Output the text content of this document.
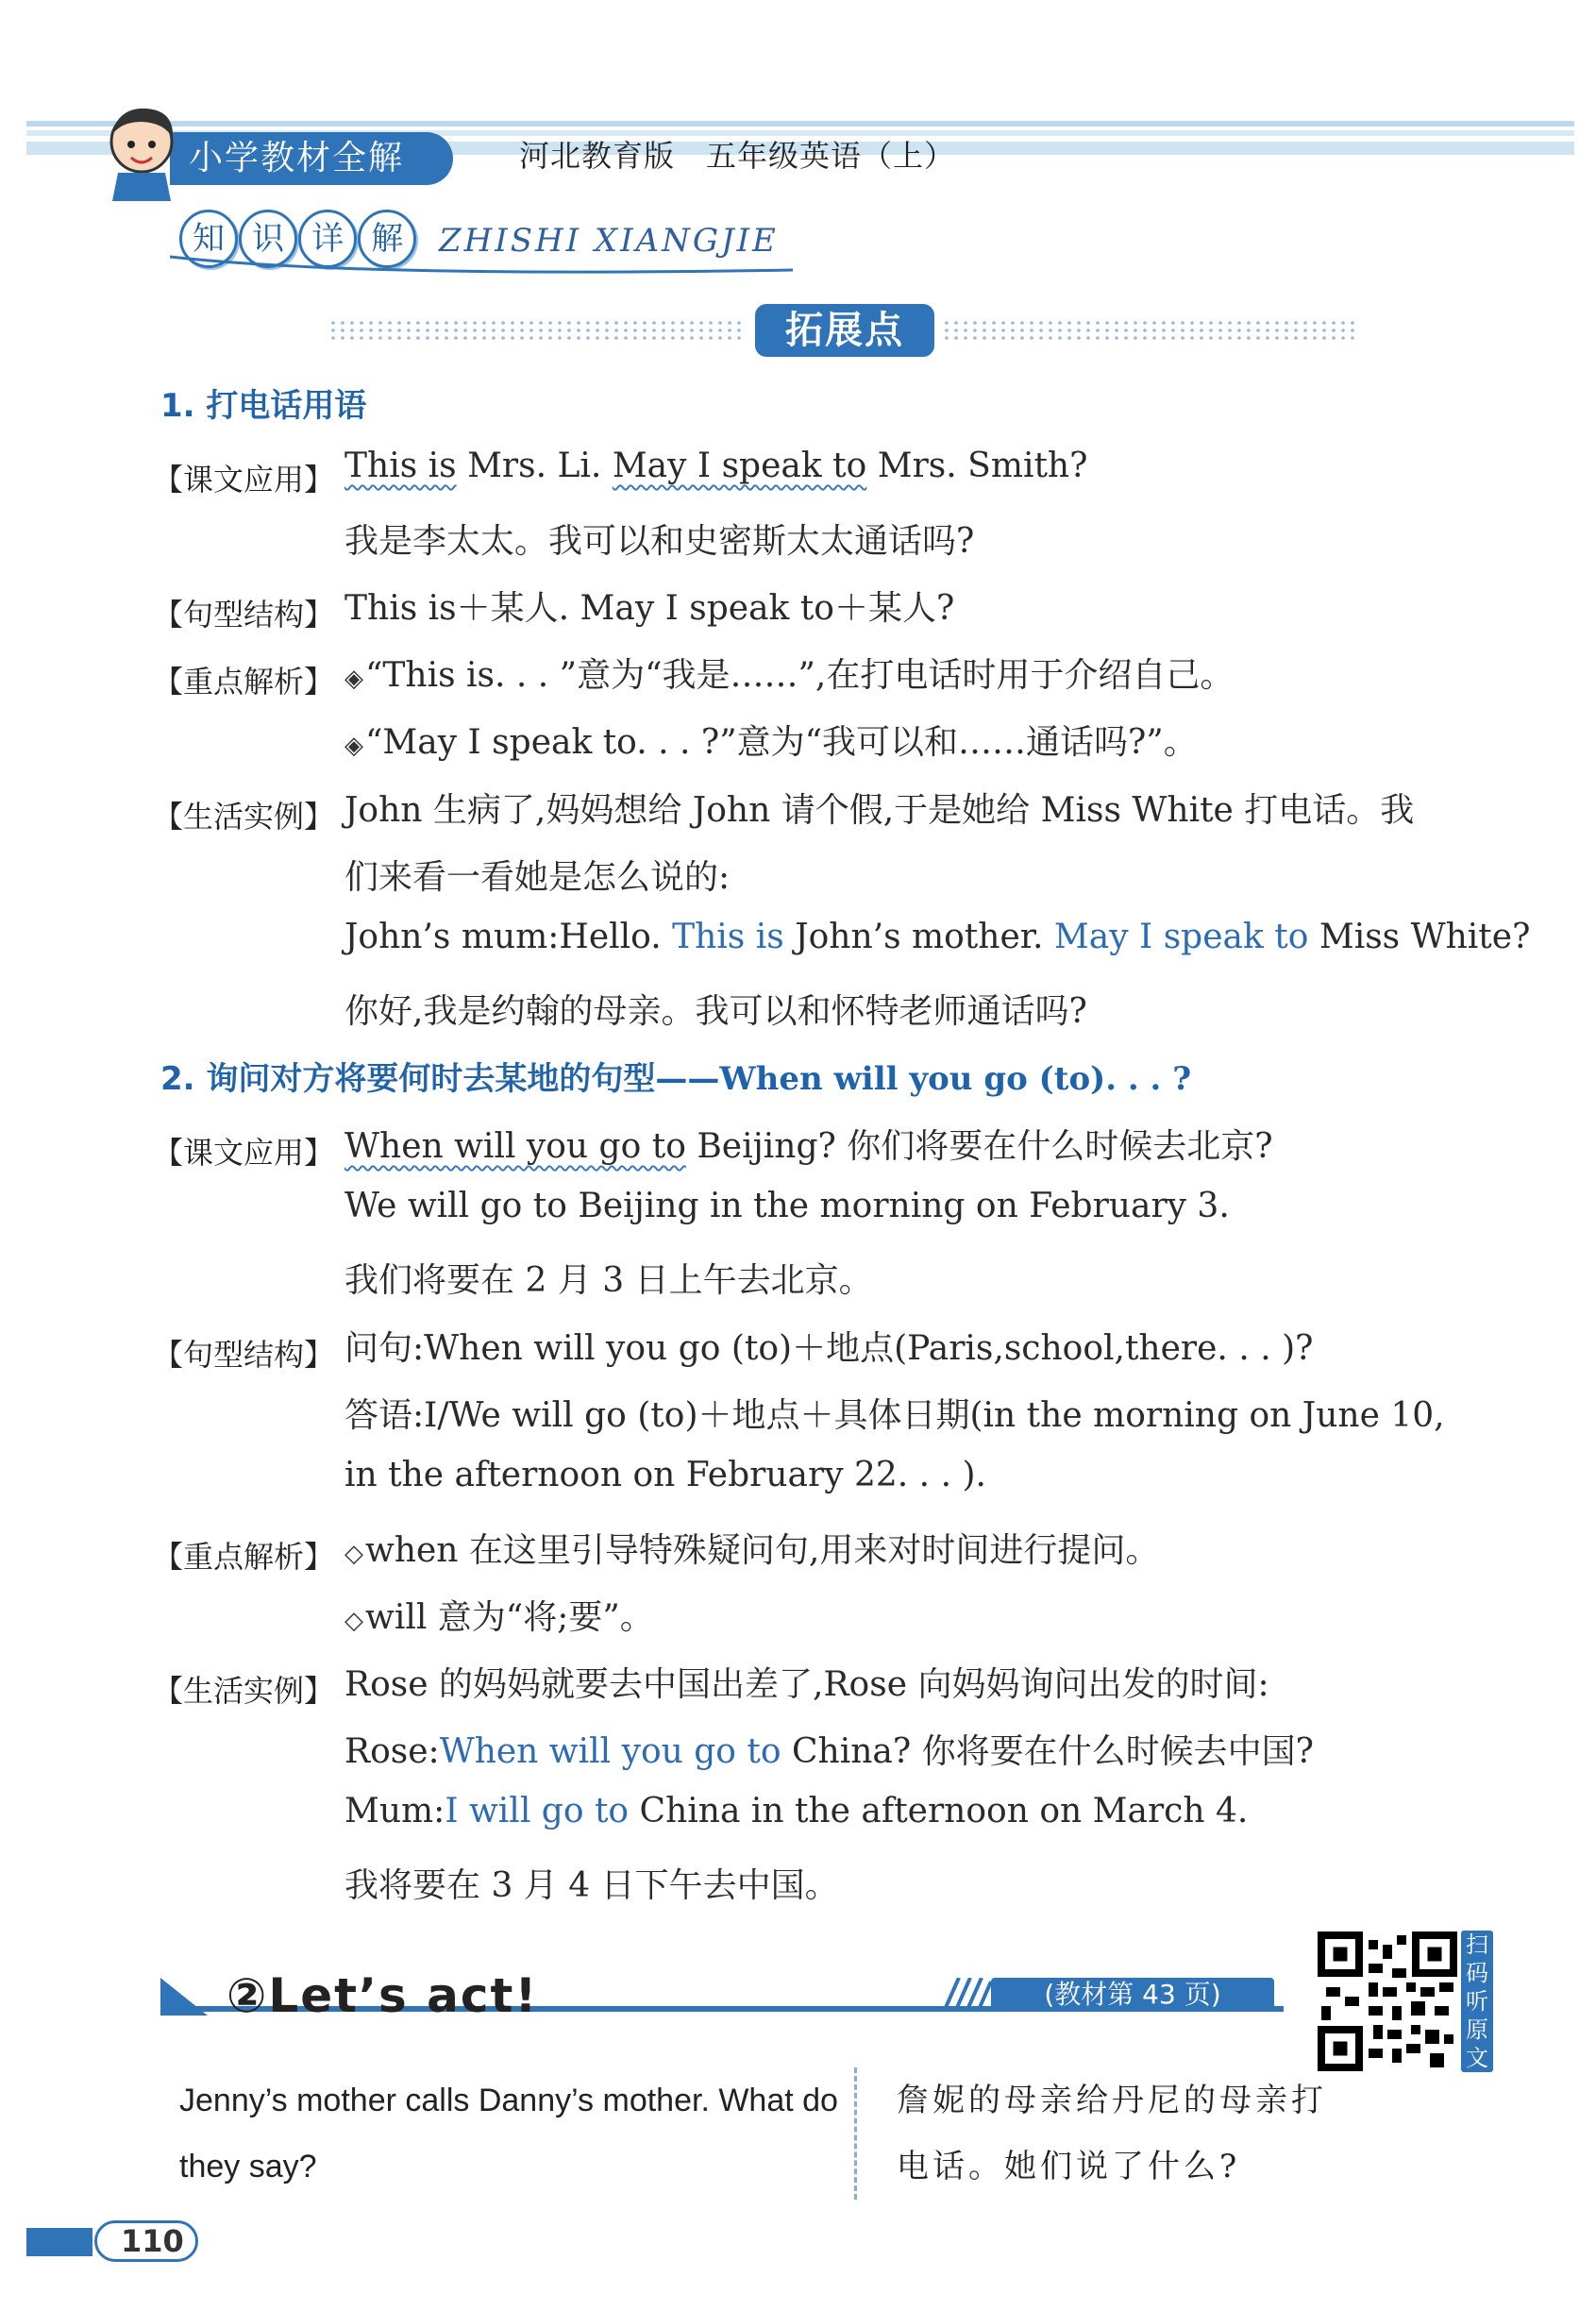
小学教材全解	河北教育版　五年级英语（上）
知 识 详 解 ZHISHI XIANGJIE
拓展点
1. 打电话用语
【课文应用】 This is Mrs. Li. May I speak to Mrs. Smith?
我是李太太。我可以和史密斯太太通话吗?
【句型结构】 This is＋某人. May I speak to＋某人?
【重点解析】 ◈“This is. . . ”意为“我是……”,在打电话时用于介绍自己。
◈“May I speak to. . . ?”意为“我可以和……通话吗?”。
【生活实例】 John 生病了,妈妈想给 John 请个假,于是她给 Miss White 打电话。我
们来看一看她是怎么说的:
John’s mum:Hello. This is John’s mother. May I speak to Miss White?
你好,我是约翰的母亲。我可以和怀特老师通话吗?
2. 询问对方将要何时去某地的句型——When will you go (to). . . ?
【课文应用】 When will you go to Beijing? 你们将要在什么时候去北京?
We will go to Beijing in the morning on February 3.
我们将要在 2 月 3 日上午去北京。
【句型结构】 问句:When will you go (to)＋地点(Paris,school,there. . . )?
答语:I/We will go (to)＋地点＋具体日期(in the morning on June 10,
in the afternoon on February 22. . . ).
【重点解析】 ◇when 在这里引导特殊疑问句,用来对时间进行提问。
◇will 意为“将;要”。
【生活实例】 Rose 的妈妈就要去中国出差了,Rose 向妈妈询问出发的时间:
Rose:When will you go to China? 你将要在什么时候去中国?
Mum:I will go to China in the afternoon on March 4.
我将要在 3 月 4 日下午去中国。
②Let’s act!	(教材第 43 页)
扫码听原文
Jenny’s mother calls Danny’s mother. What do they say?
詹妮的母亲给丹尼的母亲打电话。她们说了什么?
110
